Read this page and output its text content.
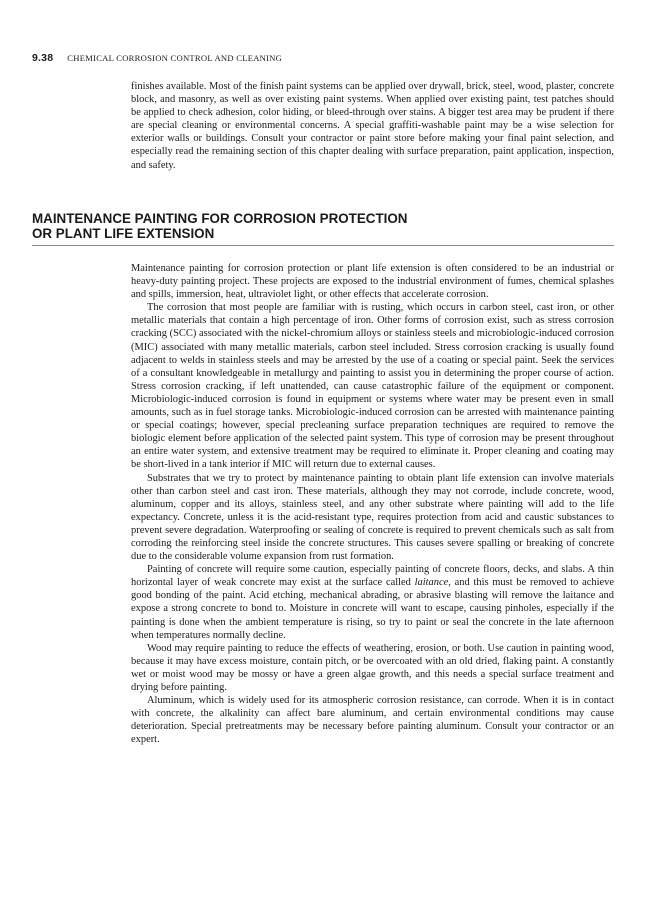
9.38 CHEMICAL CORROSION CONTROL AND CLEANING

finishes available. Most of the finish paint systems can be applied over drywall, brick, steel, wood, plaster, concrete block, and masonry, as well as over existing paint systems. When applied over existing paint, test patches should be applied to check adhesion, color hiding, or bleed-through over stains. A bigger test area may be prudent if there are special cleaning or environmental concerns. A special graffiti-washable paint may be a wise selection for exterior walls or buildings. Consult your contractor or paint store before making your final paint selection, and especially read the remaining section of this chapter dealing with surface preparation, paint application, inspection, and safety.

MAINTENANCE PAINTING FOR CORROSION PROTECTION
OR PLANT LIFE EXTENSION

Maintenance painting for corrosion protection or plant life extension is often considered to be an industrial or heavy-duty painting project. These projects are exposed to the industrial environment of fumes, chemical splashes and spills, immersion, heat, ultraviolet light, or other effects that accelerate corrosion.

The corrosion that most people are familiar with is rusting, which occurs in carbon steel, cast iron, or other metallic materials that contain a high percentage of iron. Other forms of corrosion exist, such as stress corrosion cracking (SCC) associated with the nickel-chromium alloys or stainless steels and microbiologic-induced corrosion (MIC) associated with many metallic materials, carbon steel included. Stress corrosion cracking is usually found adjacent to welds in stainless steels and may be arrested by the use of a coating or special paint. Seek the services of a consultant knowledgeable in metallurgy and painting to assist you in determining the proper course of action. Stress corrosion cracking, if left unattended, can cause catastrophic failure of the equipment or component. Microbiologic-induced corrosion is found in equipment or systems where water may be present even in small amounts, such as in fuel storage tanks. Microbiologic-induced corrosion can be arrested with maintenance painting or special coatings; however, special precleaning surface preparation techniques are required to remove the biologic element before application of the selected paint system. This type of corrosion may be present throughout an entire water system, and extensive treatment may be required to eliminate it. Proper cleaning and coating may be short-lived in a tank interior if MIC will return due to external causes.

Substrates that we try to protect by maintenance painting to obtain plant life extension can involve materials other than carbon steel and cast iron. These materials, although they may not corrode, include concrete, wood, aluminum, copper and its alloys, stainless steel, and any other substrate where painting will add to the life expectancy. Concrete, unless it is the acid-resistant type, requires protection from acid and caustic substances to prevent severe degradation. Waterproofing or sealing of concrete is required to prevent chemicals such as salt from corroding the reinforcing steel inside the concrete structures. This causes severe spalling or breaking of concrete due to the considerable volume expansion from rust formation.

Painting of concrete will require some caution, especially painting of concrete floors, decks, and slabs. A thin horizontal layer of weak concrete may exist at the surface called laitance, and this must be removed to achieve good bonding of the paint. Acid etching, mechanical abrading, or abrasive blasting will remove the laitance and expose a strong concrete to bond to. Moisture in concrete will want to escape, causing pinholes, especially if the painting is done when the ambient temperature is rising, so try to paint or seal the concrete in the late afternoon when temperatures normally decline.

Wood may require painting to reduce the effects of weathering, erosion, or both. Use caution in painting wood, because it may have excess moisture, contain pitch, or be overcoated with an old dried, flaking paint. A constantly wet or moist wood may be mossy or have a green algae growth, and this needs a special surface treatment and drying before painting.

Aluminum, which is widely used for its atmospheric corrosion resistance, can corrode. When it is in contact with concrete, the alkalinity can affect bare aluminum, and certain environmental conditions may cause deterioration. Special pretreatments may be necessary before painting aluminum. Consult your contractor or an expert.
